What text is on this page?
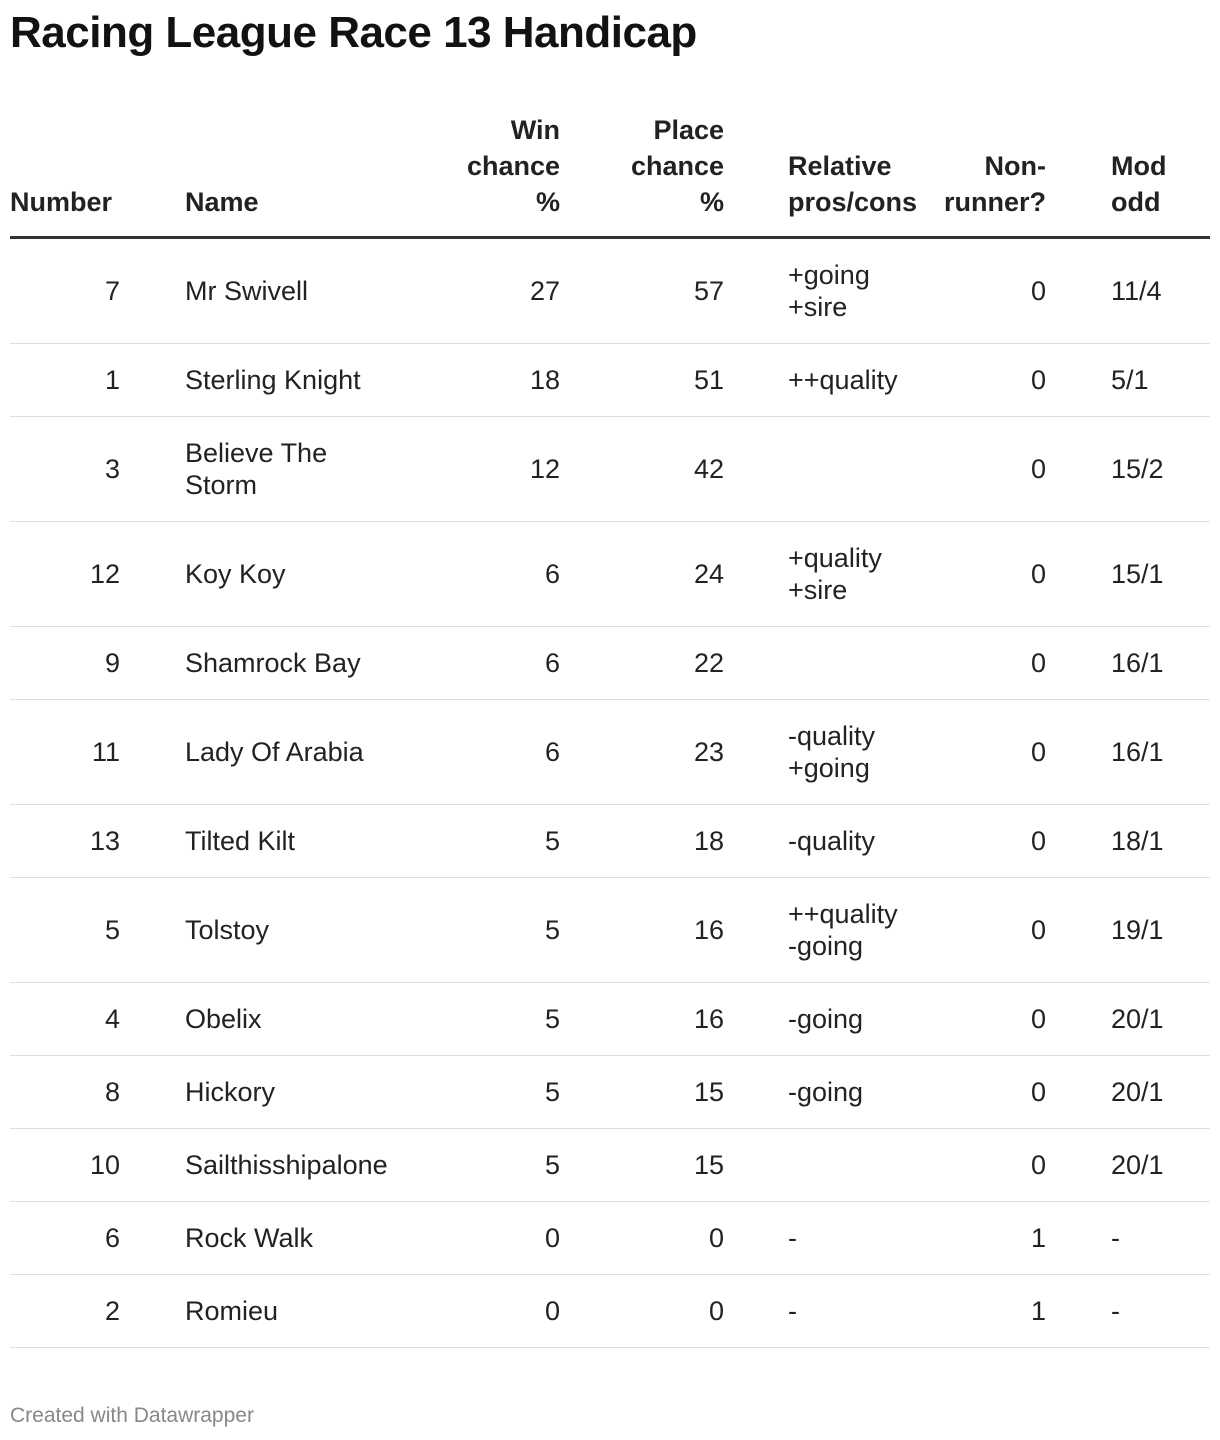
Racing League Race 13 Handicap
Number	Name	Win
chance
%	Place
chance
%	Relative
pros/cons	Non-
runner?	Mod
odd
7	Mr Swivell	27	57	+going
+sire	0	11/4
1	Sterling Knight	18	51	++quality	0	5/1
3	Believe The Storm	12	42		0	15/2
12	Koy Koy	6	24	+quality
+sire	0	15/1
9	Shamrock Bay	6	22		0	16/1
11	Lady Of Arabia	6	23	-quality
+going	0	16/1
13	Tilted Kilt	5	18	-quality	0	18/1
5	Tolstoy	5	16	++quality
-going	0	19/1
4	Obelix	5	16	-going	0	20/1
8	Hickory	5	15	-going	0	20/1
10	Sailthisshipalone	5	15		0	20/1
6	Rock Walk	0	0	-	1	-
2	Romieu	0	0	-	1	-
Created with Datawrapper
